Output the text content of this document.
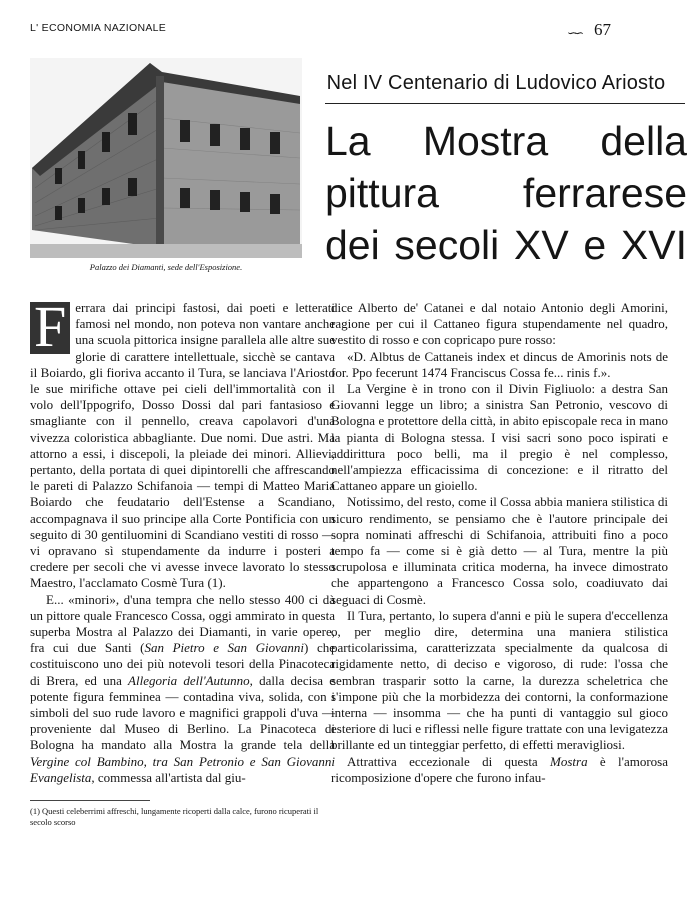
L' ECONOMIA NAZIONALE	∽∽ 67
Palazzo dei Diamanti, sede dell'Esposizione.
Nel IV Centenario di Ludovico Ariosto
La Mostra della
pittura ferrarese
dei secoli XV e XVI

F errara dai principi fastosi, dai poeti e letterati famosi nel mondo, non poteva non vantare anche una scuola pittorica insigne parallela alle altre sue glorie di carattere intellettuale, sicchè se cantava il Boiardo, gli fioriva accanto il Tura, se lanciava l'Ariosto le sue mirifiche ottave pei cieli dell'immortalità con il volo dell'Ippogrifo, Dosso Dossi dal pari fantasioso e smagliante con il pennello, creava capolavori d'una vivezza coloristica abbagliante. Due nomi. Due astri. Ma attorno a essi, i discepoli, la pleiade dei minori. Allievi, pertanto, della portata di quei dipintorelli che affrescando le pareti di Palazzo Schifanoia — tempi di Matteo Maria Boiardo che feudatario dell'Estense a Scandiano, accompagnava il suo principe alla Corte Pontificia con un seguito di 30 gentiluomini di Scandiano vestiti di rosso — vi opravano sì stupendamente da indurre i posteri a credere per secoli che vi avesse invece lavorato lo stesso Maestro, l'acclamato Cosmè Tura (1).

E... «minori», d'una tempra che nello stesso 400 ci dà un pittore quale Francesco Cossa, oggi ammirato in questa superba Mostra al Palazzo dei Diamanti, in varie opere, fra cui due Santi (San Pietro e San Giovanni) che costituiscono uno dei più notevoli tesori della Pinacoteca di Brera, ed una Allegoria dell'Autunno, dalla decisa e potente figura femminea — contadina viva, solida, con i simboli del suo rude lavoro e magnifici grappoli d'uva — proveniente dal Museo di Berlino. La Pinacoteca di Bologna ha mandato alla Mostra la grande tela della Vergine col Bambino, tra San Petronio e San Giovanni Evangelista, commessa all'artista dal giu-

dice Alberto de' Catanei e dal notaio Antonio degli Amorini, ragione per cui il Cattaneo figura stupendamente nel quadro, vestito di rosso e con copricapo pure rosso:

«D. Albtus de Cattaneis index et dincus de Amorinis nots de for. Ppo fecerunt 1474 Franciscus Cossa fe... rinis f.».

La Vergine è in trono con il Divin Figliuolo: a destra San Giovanni legge un libro; a sinistra San Petronio, vescovo di Bologna e protettore della città, in abito episcopale reca in mano la pianta di Bologna stessa. I visi sacri sono poco ispirati e addirittura poco belli, ma il pregio è nel complesso, nell'ampiezza efficacissima di concezione: e il ritratto del Cattaneo appare un gioiello.

Notissimo, del resto, come il Cossa abbia maniera stilistica di sicuro rendimento, se pensiamo che è l'autore principale dei sopra nominati affreschi di Schifanoia, attribuiti fino a poco tempo fa — come si è già detto — al Tura, mentre la più scrupolosa e illuminata critica moderna, ha invece dimostrato che appartengono a Francesco Cossa solo, coadiuvato dai seguaci di Cosmè.

Il Tura, pertanto, lo supera d'anni e più le supera d'eccellenza o, per meglio dire, determina una maniera stilistica particolarissima, caratterizzata specialmente da qualcosa di rigidamente netto, di deciso e vigoroso, di rude: l'ossa che sembran trasparir sotto la carne, la durezza scheletrica che s'impone più che la morbidezza dei contorni, la conformazione interna — insomma — che ha punti di vantaggio sul gioco esteriore di luci e riflessi nelle figure trattate con una levigatezza brillante ed un tinteggiar perfetto, di effetti meravigliosi.

Attrattiva eccezionale di questa Mostra è l'amorosa ricomposizione d'opere che furono infau-

(1) Questi celeberrimi affreschi, lungamente ricoperti dalla calce, furono ricuperati il secolo scorso
